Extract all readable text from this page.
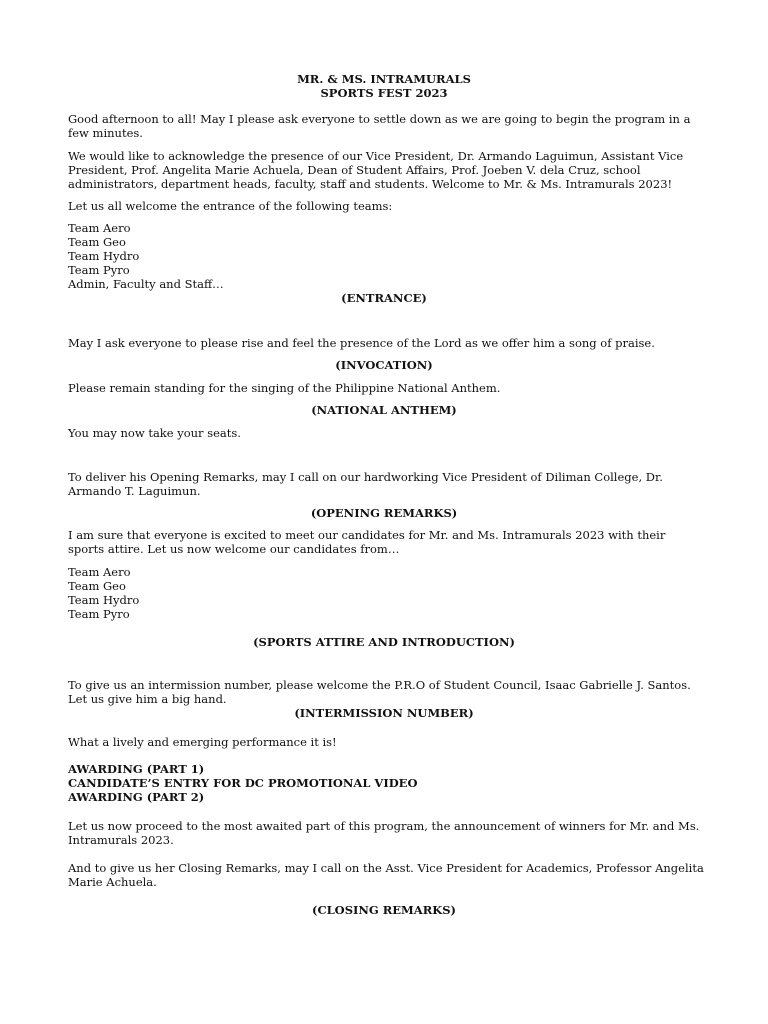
MR. & MS. INTRAMURALS
SPORTS FEST 2023
Good afternoon to all! May I please ask everyone to settle down as we are going to begin the program in a
few minutes.
We would like to acknowledge the presence of our Vice President, Dr. Armando Laguimun, Assistant Vice
President, Prof. Angelita Marie Achuela, Dean of Student Affairs, Prof. Joeben V. dela Cruz, school
administrators, department heads, faculty, staff and students. Welcome to Mr. & Ms. Intramurals 2023!
Let us all welcome the entrance of the following teams:
Team Aero
Team Geo
Team Hydro
Team Pyro
Admin, Faculty and Staff…
(ENTRANCE)
May I ask everyone to please rise and feel the presence of the Lord as we offer him a song of praise.
(INVOCATION)
Please remain standing for the singing of the Philippine National Anthem.
(NATIONAL ANTHEM)
You may now take your seats.
To deliver his Opening Remarks, may I call on our hardworking Vice President of Diliman College, Dr.
Armando T. Laguimun.
(OPENING REMARKS)
I am sure that everyone is excited to meet our candidates for Mr. and Ms. Intramurals 2023 with their
sports attire. Let us now welcome our candidates from…
Team Aero
Team Geo
Team Hydro
Team Pyro
(SPORTS ATTIRE AND INTRODUCTION)
To give us an intermission number, please welcome the P.R.O of Student Council, Isaac Gabrielle J. Santos.
Let us give him a big hand.
(INTERMISSION NUMBER)
What a lively and emerging performance it is!
AWARDING (PART 1)
CANDIDATE’S ENTRY FOR DC PROMOTIONAL VIDEO
AWARDING (PART 2)
Let us now proceed to the most awaited part of this program, the announcement of winners for Mr. and Ms.
Intramurals 2023.
And to give us her Closing Remarks, may I call on the Asst. Vice President for Academics, Professor Angelita
Marie Achuela.
(CLOSING REMARKS)
